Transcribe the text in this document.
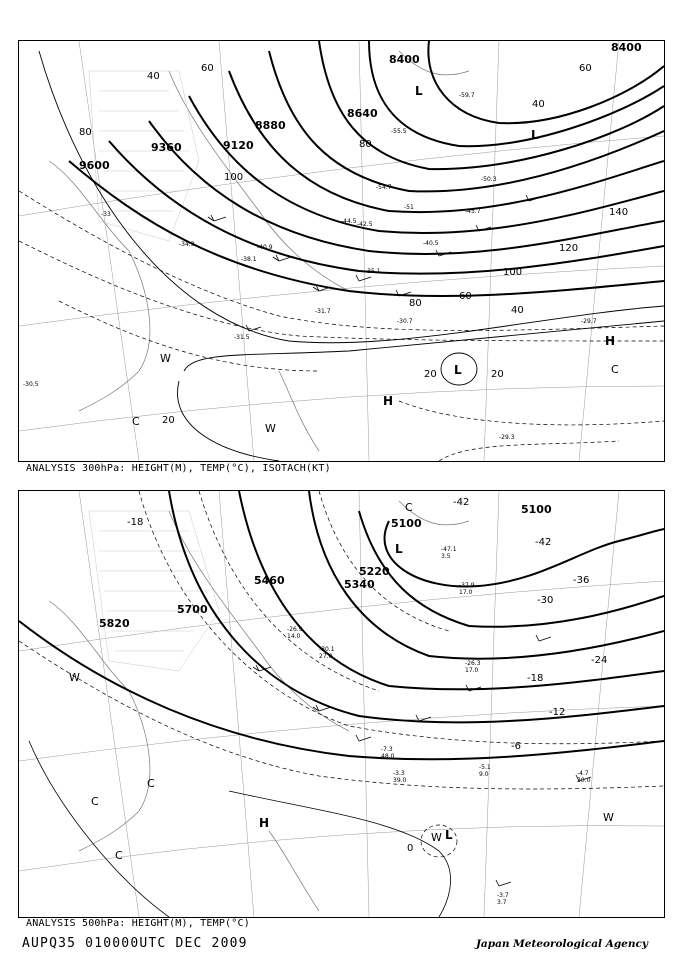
9600
9360	9120
8880
8640
8400
8400
40
60
80
100
120
140
80
40
20
20	20
60
40
60
80
100
-30.5
-31.5
-29.7
-33
-34.3
-38.1
-40.9
-44.5
-51
-54.7
-55.5
-59.7
-29.3
-30.7
-31.7
-35.1
-40.5
-42.5
-45.7
-50.3
H
H
L
L
L
C
W
W
C
ANALYSIS 300hPa: HEIGHT(M), TEMP(°C), ISOTACH(KT)
5820
5700
5460	5340
5220
5100
5100
-18
-24
-30
-36
-42
-42
-18
-12
-6
0
-4.7 20.0
-3.7 3.7
-5.1 9.0
-3.3 39.0
-7.3 48.0
-26.9 14.0
-30.1 27.0
-37.9 17.0
-26.3 17.0
-47.1 3.5
H
L
L
W
C
C
C
W
C
W
ANALYSIS 500hPa: HEIGHT(M), TEMP(°C)
AUPQ35 010000UTC DEC 2009	Japan Meteorological Agency
